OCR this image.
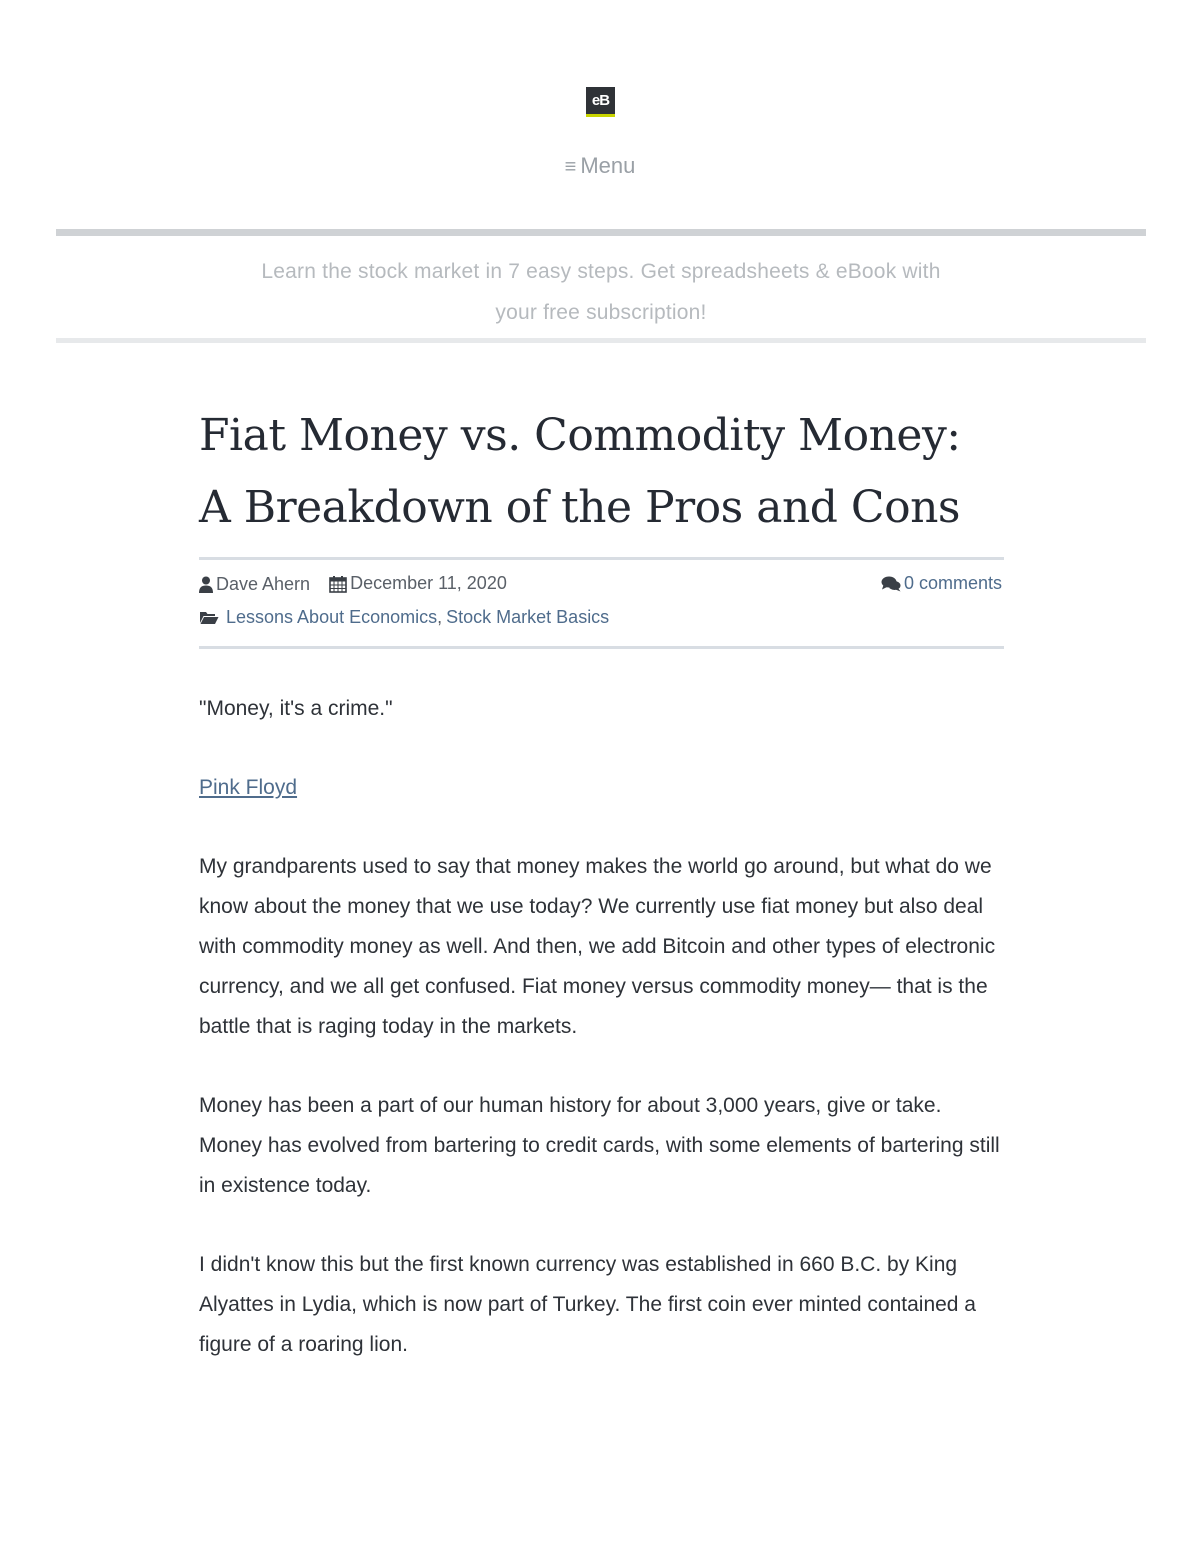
eB
≡ Menu
Learn the stock market in 7 easy steps. Get spreadsheets & eBook with your free subscription!
Fiat Money vs. Commodity Money: A Breakdown of the Pros and Cons
Dave Ahern
December 11, 2020	0 comments
Lessons About Economics , Stock Market Basics

"Money, it's a crime."

Pink Floyd

My grandparents used to say that money makes the world go around, but what do we know about the money that we use today? We currently use fiat money but also deal with commodity money as well. And then, we add Bitcoin and other types of electronic currency, and we all get confused. Fiat money versus commodity money— that is the battle that is raging today in the markets.

Money has been a part of our human history for about 3,000 years, give or take. Money has evolved from bartering to credit cards, with some elements of bartering still in existence today.

I didn't know this but the first known currency was established in 660 B.C. by King Alyattes in Lydia, which is now part of Turkey. The first coin ever minted contained a figure of a roaring lion.
